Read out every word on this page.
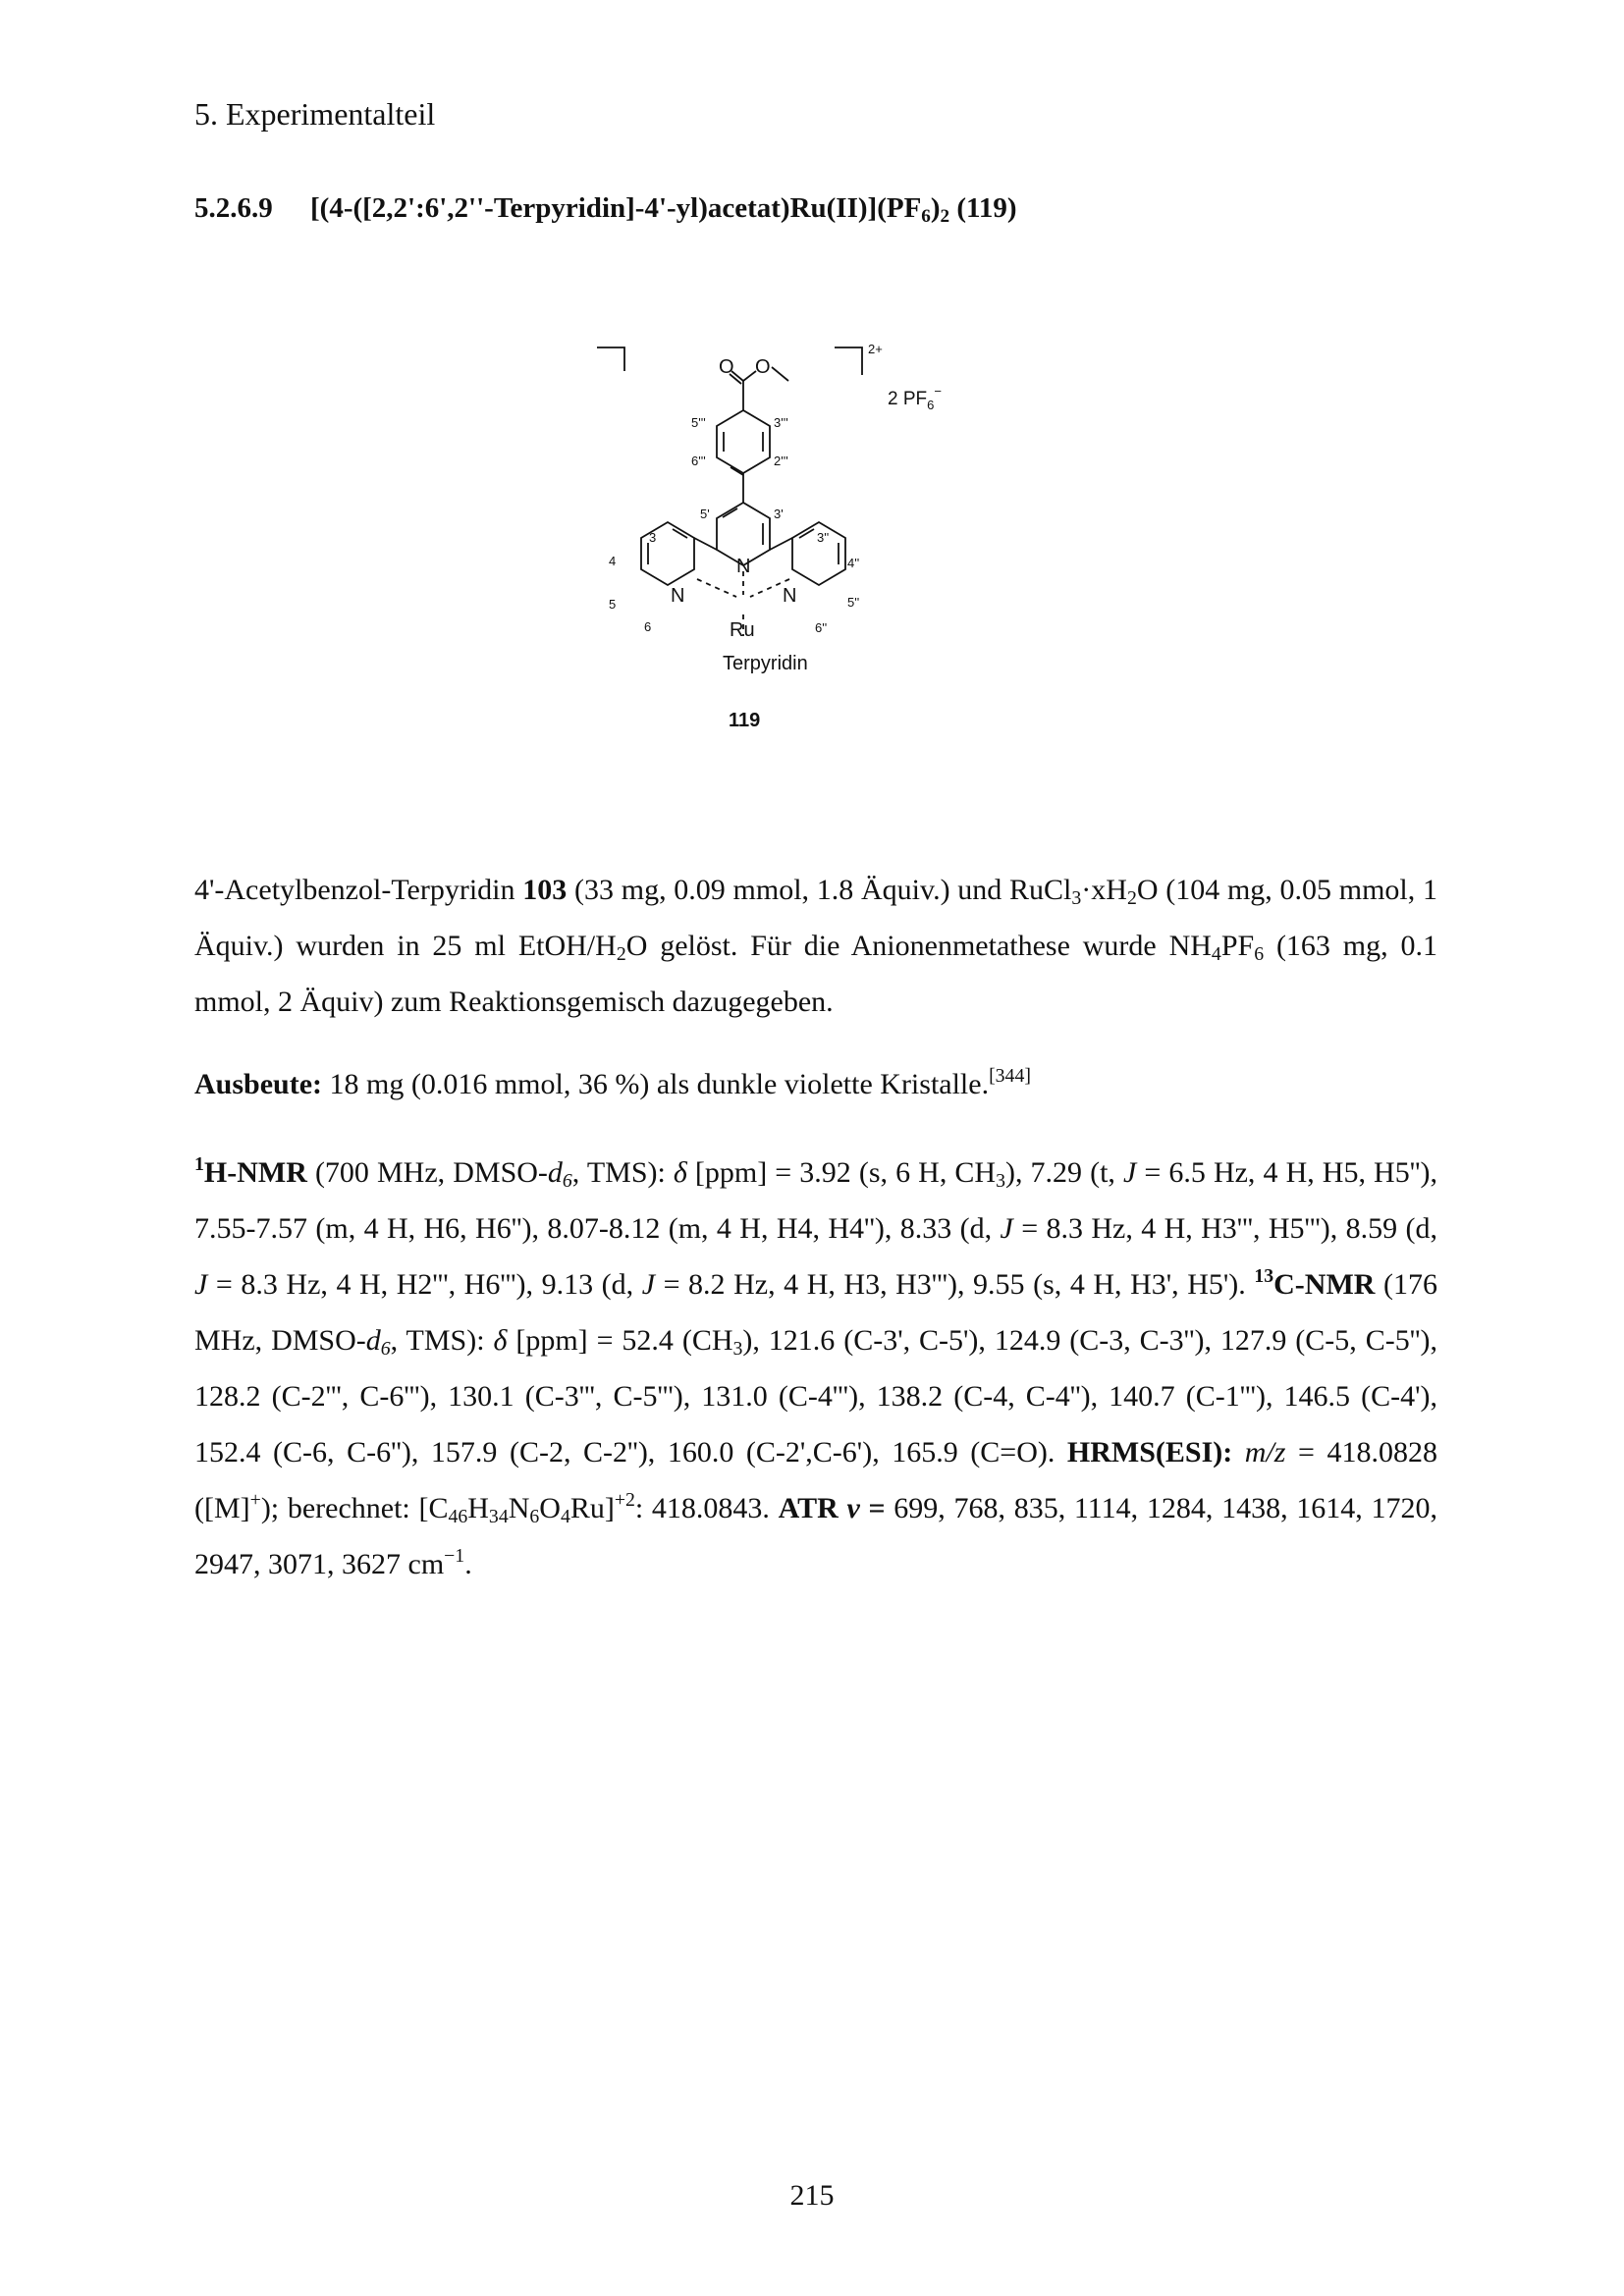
5. Experimentalteil
5.2.6.9 $[(4-([2,2':6',2''-Terpyridin]-4'-yl)acetat)Ru(II)](PF_6)_2$ (119)
O O
2+
2 $PF_6^-$
5'''	3'''
6'''	2'''
5'	3'
3
4
5
6
3''
4''
5''
6''
N
N
N
Ru
Terpyridin
119
4'-Acetylbenzol-Terpyridin 103 (33 mg, 0.09 mmol, 1.8 Äquiv.) und $RuCl_3\cdot xH_2O$ (104 mg, 0.05 mmol, 1 Äquiv.) wurden in 25 ml EtOH/$H_2O$ gelöst. Für die Anionenmetathese wurde $NH_4PF_6$ (163 mg, 0.1 mmol, 2 Äquiv) zum Reaktionsgemisch dazugegeben.
Ausbeute: 18 mg (0.016 mmol, 36 %) als dunkle violette Kristalle.[344]
$^1$H-NMR (700 MHz, DMSO-$d_6$, TMS): δ [ppm] = 3.92 (s, 6 H, $CH_3$), 7.29 (t, J = 6.5 Hz, 4 H, H5, H5''), 7.55-7.57 (m, 4 H, H6, H6''), 8.07-8.12 (m, 4 H, H4, H4''), 8.33 (d, J = 8.3 Hz, 4 H, H3''', H5'''), 8.59 (d, J = 8.3 Hz, 4 H, H2''', H6'''), 9.13 (d, J = 8.2 Hz, 4 H, H3, H3'''), 9.55 (s, 4 H, H3', H5'). $^{13}$C-NMR (176 MHz, DMSO-$d_6$, TMS): δ [ppm] = 52.4 $(CH_3)$, 121.6 (C-3', C-5'), 124.9 (C-3, C-3''), 127.9 (C-5, C-5''), 128.2 (C-2''', C-6'''), 130.1 (C-3''', C-5'''), 131.0 (C-4'''), 138.2 (C-4, C-4''), 140.7 (C-1'''), 146.5 (C-4'), 152.4 (C-6, C-6''), 157.9 (C-2, C-2''), 160.0 (C-2',C-6'), 165.9 (C=O). HRMS(ESI): m/z = 418.0828 ([M]+); berechnet: $[C_{46}H_{34}N_6O_4Ru]^{+2}$: 418.0843. ATR ν = 699, 768, 835, 1114, 1284, 1438, 1614, 1720, 2947, 3071, 3627 $cm^{-1}$.
215
